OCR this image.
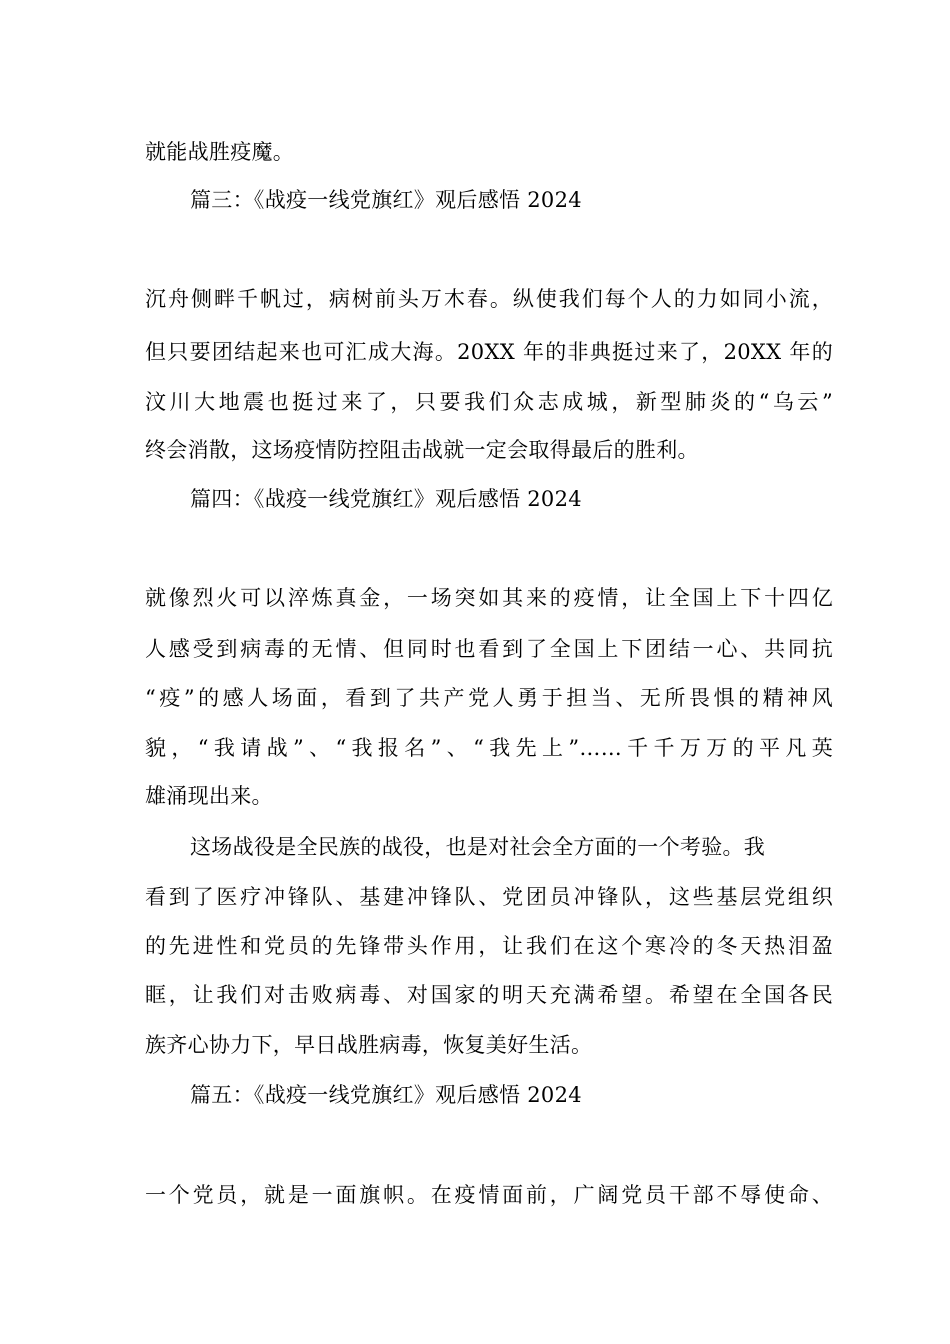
就能战胜疫魔。
篇三：《战疫一线党旗红》观后感悟 2024
沉舟侧畔千帆过，病树前头万木春。纵使我们每个人的力如同小流，
但只要团结起来也可汇成大海。20XX 年的非典挺过来了，20XX 年的
汶川大地震也挺过来了，只要我们众志成城，新型肺炎的“乌云”
终会消散，这场疫情防控阻击战就一定会取得最后的胜利。
篇四：《战疫一线党旗红》观后感悟 2024
就像烈火可以淬炼真金，一场突如其来的疫情，让全国上下十四亿
人感受到病毒的无情、但同时也看到了全国上下团结一心、共同抗
“疫”的感人场面，看到了共产党人勇于担当、无所畏惧的精神风
貌，“我请战”、“我报名”、“我先上”……千千万万的平凡英
雄涌现出来。
这场战役是全民族的战役，也是对社会全方面的一个考验。我
看到了医疗冲锋队、基建冲锋队、党团员冲锋队，这些基层党组织
的先进性和党员的先锋带头作用，让我们在这个寒冷的冬天热泪盈
眶，让我们对击败病毒、对国家的明天充满希望。希望在全国各民
族齐心协力下，早日战胜病毒，恢复美好生活。
篇五：《战疫一线党旗红》观后感悟 2024
一个党员，就是一面旗帜。在疫情面前，广阔党员干部不辱使命、
